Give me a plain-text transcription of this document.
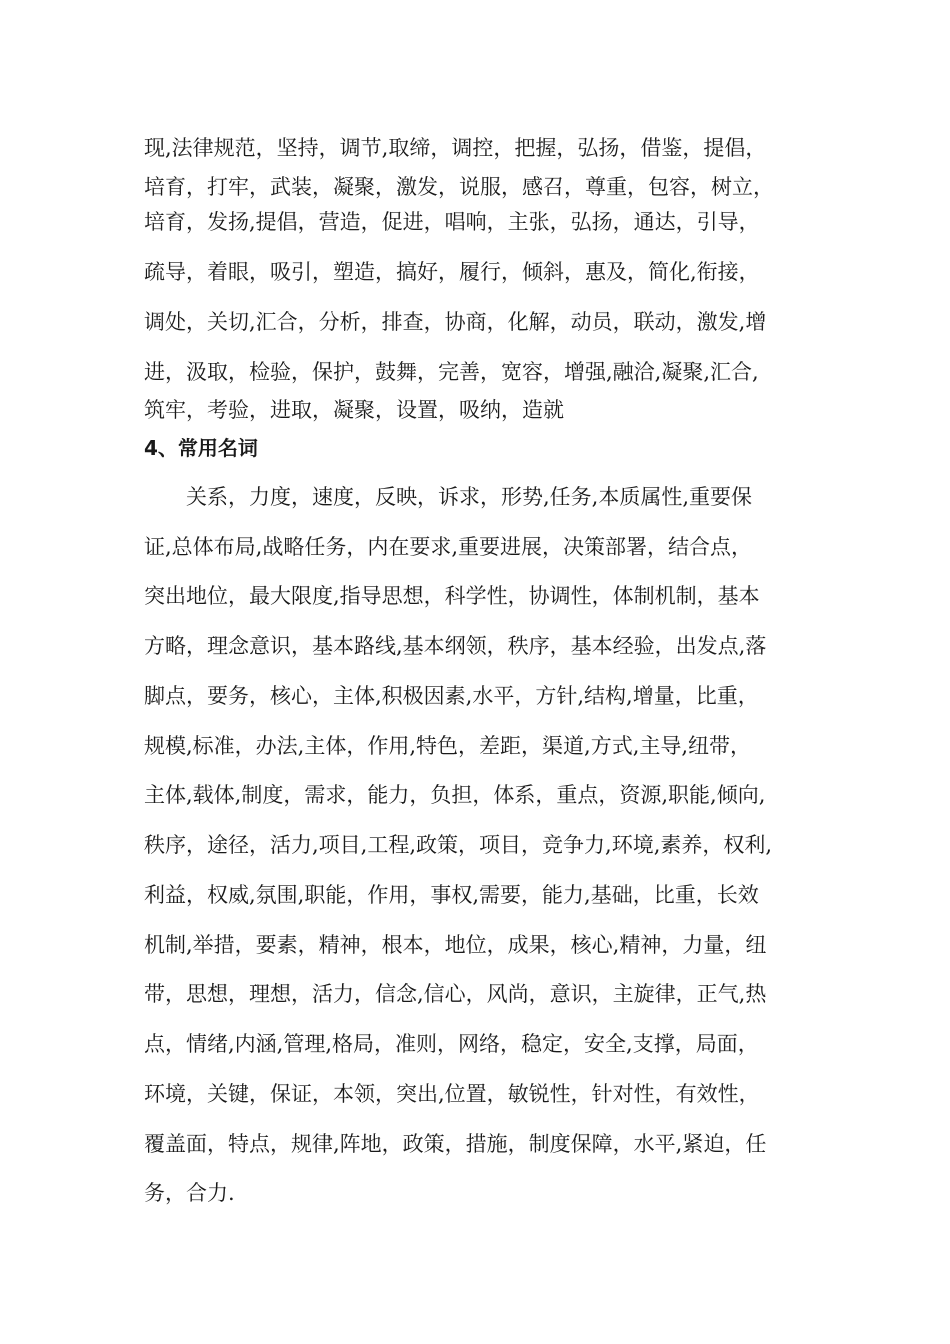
现,法律规范，坚持，调节,取缔，调控，把握，弘扬，借鉴，提倡，
培育，打牢，武装，凝聚，激发，说服，感召，尊重，包容，树立，
培育，发扬,提倡，营造，促进，唱响，主张，弘扬，通达，引导，
疏导，着眼，吸引，塑造，搞好，履行，倾斜，惠及，简化,衔接，
调处，关切,汇合，分析，排查，协商，化解，动员，联动，激发,增
进，汲取，检验，保护，鼓舞，完善，宽容，增强,融洽,凝聚,汇合,
筑牢，考验，进取，凝聚，设置，吸纳，造就
4、常用名词
关系，力度，速度，反映，诉求，形势,任务,本质属性,重要保
证,总体布局,战略任务，内在要求,重要进展，决策部署，结合点，
突出地位，最大限度,指导思想，科学性，协调性，体制机制，基本
方略，理念意识，基本路线,基本纲领，秩序，基本经验，出发点,落
脚点，要务，核心，主体,积极因素,水平，方针,结构,增量，比重，
规模,标准，办法,主体，作用,特色，差距，渠道,方式,主导,纽带，
主体,载体,制度，需求，能力，负担，体系，重点，资源,职能,倾向,
秩序，途径，活力,项目,工程,政策，项目，竞争力,环境,素养，权利,
利益，权威,氛围,职能，作用，事权,需要，能力,基础，比重，长效
机制,举措，要素，精神，根本，地位，成果，核心,精神，力量，纽
带，思想，理想，活力，信念,信心，风尚，意识，主旋律，正气,热
点，情绪,内涵,管理,格局，准则，网络，稳定，安全,支撑，局面，
环境，关键，保证，本领，突出,位置，敏锐性，针对性，有效性，
覆盖面，特点，规律,阵地，政策，措施，制度保障，水平,紧迫，任
务，合力.
